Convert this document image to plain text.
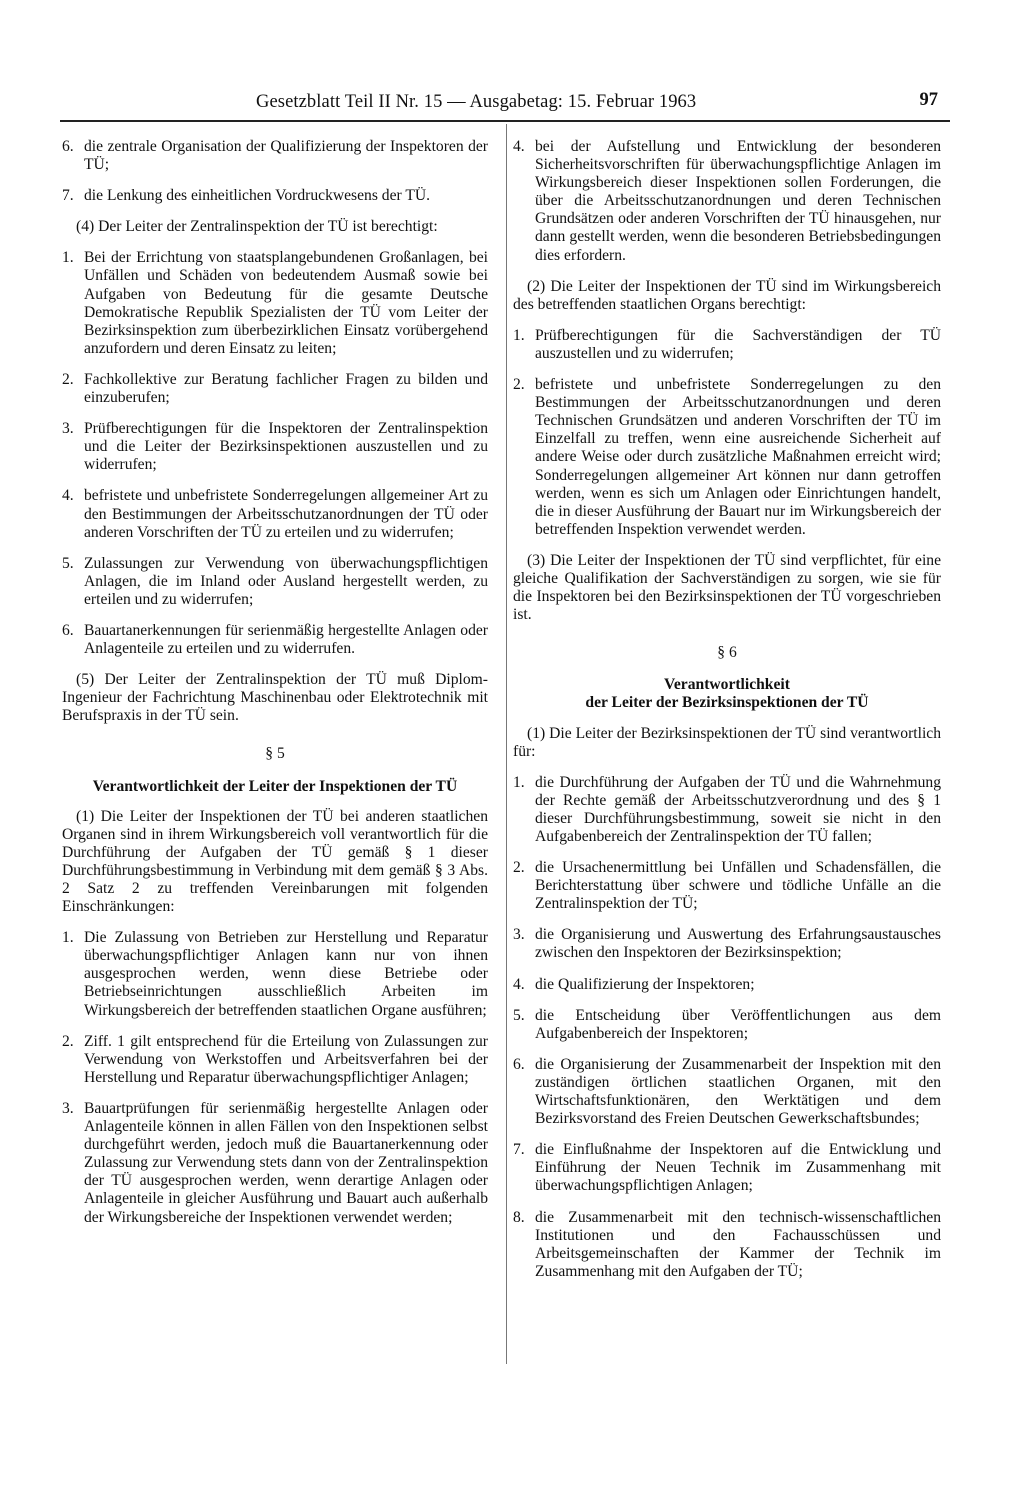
Gesetzblatt Teil II Nr. 15 — Ausgabetag: 15. Februar 1963	97
6. die zentrale Organisation der Qualifizierung der Inspektoren der TÜ;
7. die Lenkung des einheitlichen Vordruckwesens der TÜ.
(4) Der Leiter der Zentralinspektion der TÜ ist berechtigt:
1. Bei der Errichtung von staatsplangebundenen Großanlagen, bei Unfällen und Schäden von bedeutendem Ausmaß sowie bei Aufgaben von Bedeutung für die gesamte Deutsche Demokratische Republik Spezialisten der TÜ vom Leiter der Bezirksinspektion zum überbezirklichen Einsatz vorübergehend anzufordern und deren Einsatz zu leiten;
2. Fachkollektive zur Beratung fachlicher Fragen zu bilden und einzuberufen;
3. Prüfberechtigungen für die Inspektoren der Zentralinspektion und die Leiter der Bezirksinspektionen auszustellen und zu widerrufen;
4. befristete und unbefristete Sonderregelungen allgemeiner Art zu den Bestimmungen der Arbeitsschutzanordnungen der TÜ oder anderen Vorschriften der TÜ zu erteilen und zu widerrufen;
5. Zulassungen zur Verwendung von überwachungspflichtigen Anlagen, die im Inland oder Ausland hergestellt werden, zu erteilen und zu widerrufen;
6. Bauartanerkennungen für serienmäßig hergestellte Anlagen oder Anlagenteile zu erteilen und zu widerrufen.
(5) Der Leiter der Zentralinspektion der TÜ muß Diplom-Ingenieur der Fachrichtung Maschinenbau oder Elektrotechnik mit Berufspraxis in der TÜ sein.
§ 5
Verantwortlichkeit der Leiter der Inspektionen der TÜ
(1) Die Leiter der Inspektionen der TÜ bei anderen staatlichen Organen sind in ihrem Wirkungsbereich voll verantwortlich für die Durchführung der Aufgaben der TÜ gemäß § 1 dieser Durchführungsbestimmung in Verbindung mit dem gemäß § 3 Abs. 2 Satz 2 zu treffenden Vereinbarungen mit folgenden Einschränkungen:
1. Die Zulassung von Betrieben zur Herstellung und Reparatur überwachungspflichtiger Anlagen kann nur von ihnen ausgesprochen werden, wenn diese Betriebe oder Betriebseinrichtungen ausschließlich Arbeiten im Wirkungsbereich der betreffenden staatlichen Organe ausführen;
2. Ziff. 1 gilt entsprechend für die Erteilung von Zulassungen zur Verwendung von Werkstoffen und Arbeitsverfahren bei der Herstellung und Reparatur überwachungspflichtiger Anlagen;
3. Bauartprüfungen für serienmäßig hergestellte Anlagen oder Anlagenteile können in allen Fällen von den Inspektionen selbst durchgeführt werden, jedoch muß die Bauartanerkennung oder Zulassung zur Verwendung stets dann von der Zentralinspektion der TÜ ausgesprochen werden, wenn derartige Anlagen oder Anlagenteile in gleicher Ausführung und Bauart auch außerhalb der Wirkungsbereiche der Inspektionen verwendet werden;
4. bei der Aufstellung und Entwicklung der besonderen Sicherheitsvorschriften für überwachungspflichtige Anlagen im Wirkungsbereich dieser Inspektionen sollen Forderungen, die über die Arbeitsschutzanordnungen und deren Technischen Grundsätzen oder anderen Vorschriften der TÜ hinausgehen, nur dann gestellt werden, wenn die besonderen Betriebsbedingungen dies erfordern.
(2) Die Leiter der Inspektionen der TÜ sind im Wirkungsbereich des betreffenden staatlichen Organs berechtigt:
1. Prüfberechtigungen für die Sachverständigen der TÜ auszustellen und zu widerrufen;
2. befristete und unbefristete Sonderregelungen zu den Bestimmungen der Arbeitsschutzanordnungen und deren Technischen Grundsätzen und anderen Vorschriften der TÜ im Einzelfall zu treffen, wenn eine ausreichende Sicherheit auf andere Weise oder durch zusätzliche Maßnahmen erreicht wird; Sonderregelungen allgemeiner Art können nur dann getroffen werden, wenn es sich um Anlagen oder Einrichtungen handelt, die in dieser Ausführung der Bauart nur im Wirkungsbereich der betreffenden Inspektion verwendet werden.
(3) Die Leiter der Inspektionen der TÜ sind verpflichtet, für eine gleiche Qualifikation der Sachverständigen zu sorgen, wie sie für die Inspektoren bei den Bezirksinspektionen der TÜ vorgeschrieben ist.
§ 6
Verantwortlichkeit
der Leiter der Bezirksinspektionen der TÜ
(1) Die Leiter der Bezirksinspektionen der TÜ sind verantwortlich für:
1. die Durchführung der Aufgaben der TÜ und die Wahrnehmung der Rechte gemäß der Arbeitsschutzverordnung und des § 1 dieser Durchführungsbestimmung, soweit sie nicht in den Aufgabenbereich der Zentralinspektion der TÜ fallen;
2. die Ursachenermittlung bei Unfällen und Schadensfällen, die Berichterstattung über schwere und tödliche Unfälle an die Zentralinspektion der TÜ;
3. die Organisierung und Auswertung des Erfahrungsaustausches zwischen den Inspektoren der Bezirksinspektion;
4. die Qualifizierung der Inspektoren;
5. die Entscheidung über Veröffentlichungen aus dem Aufgabenbereich der Inspektoren;
6. die Organisierung der Zusammenarbeit der Inspektion mit den zuständigen örtlichen staatlichen Organen, mit den Wirtschaftsfunktionären, den Werktätigen und dem Bezirksvorstand des Freien Deutschen Gewerkschaftsbundes;
7. die Einflußnahme der Inspektoren auf die Entwicklung und Einführung der Neuen Technik im Zusammenhang mit überwachungspflichtigen Anlagen;
8. die Zusammenarbeit mit den technisch-wissenschaftlichen Institutionen und den Fachausschüssen und Arbeitsgemeinschaften der Kammer der Technik im Zusammenhang mit den Aufgaben der TÜ;
